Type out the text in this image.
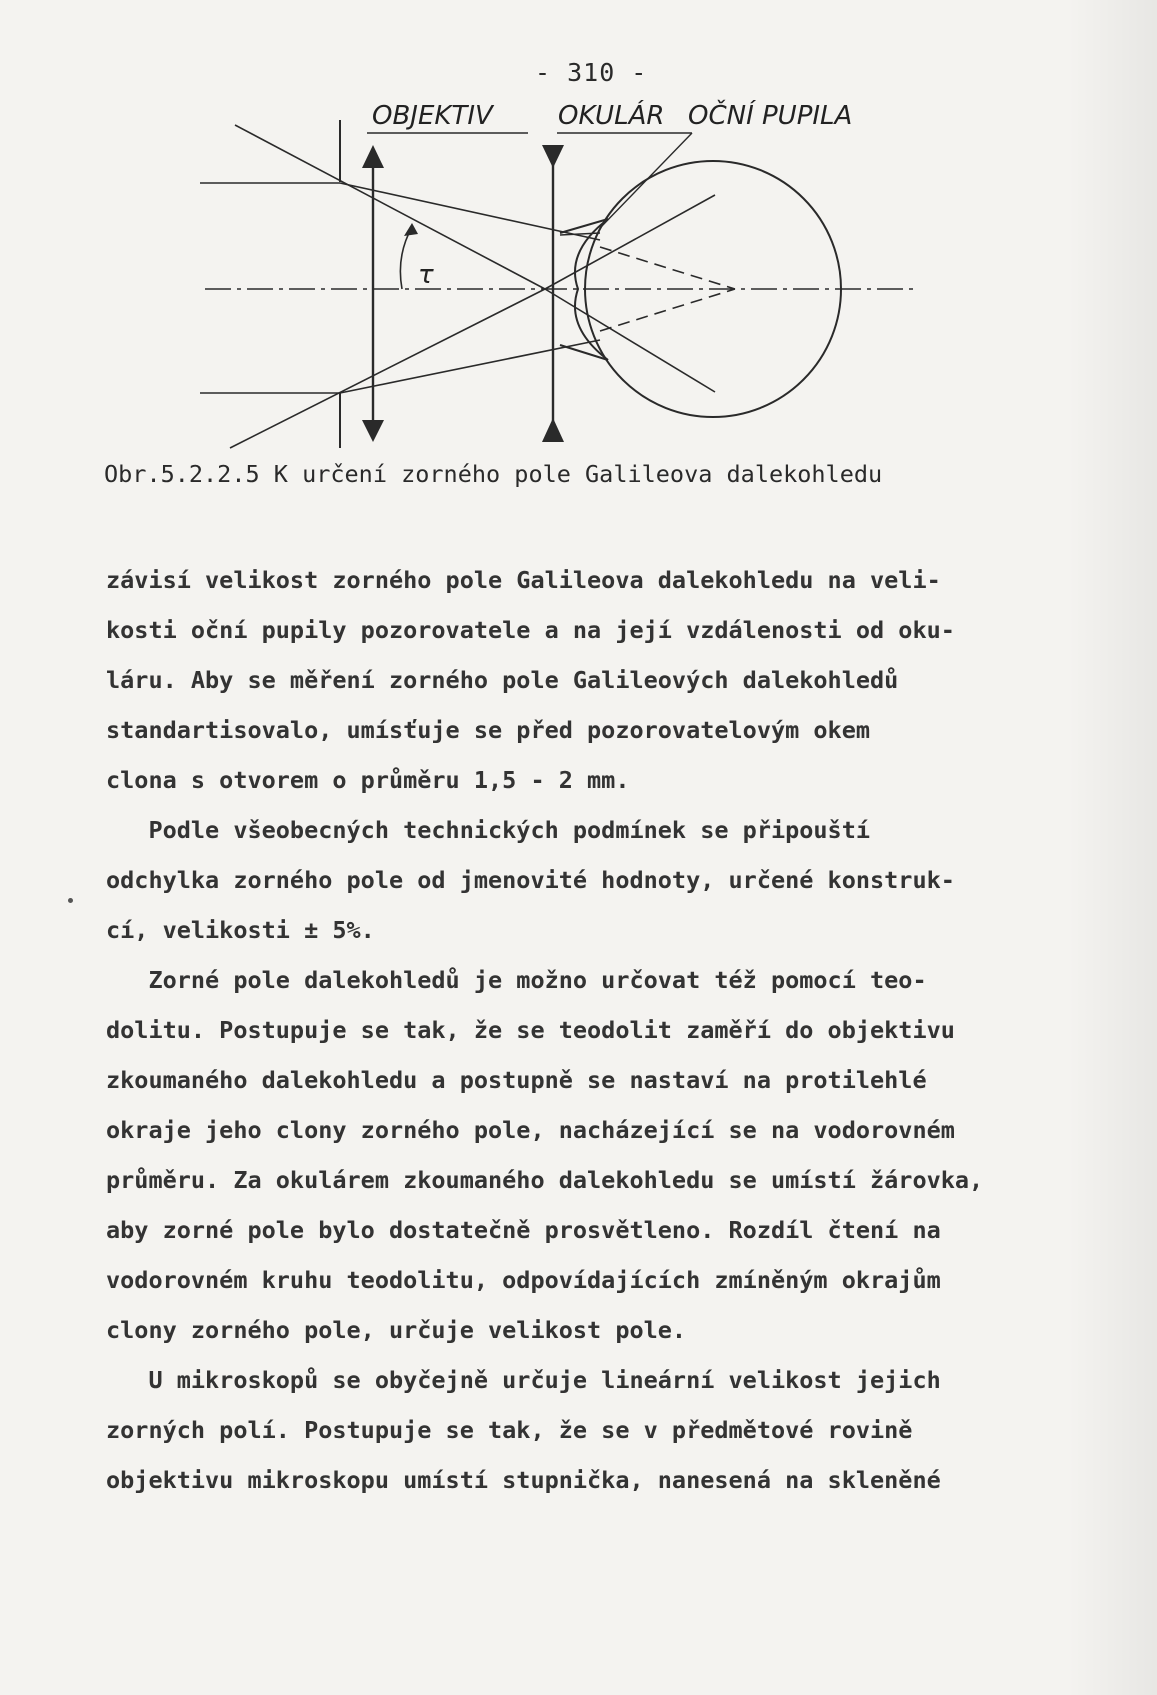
- 310 -
OBJEKTIV	OKULÁR OČNÍ PUPILA
τ
Obr.5.2.2.5 K určení zorného pole Galileova dalekohledu

závisí velikost zorného pole Galileova dalekohledu na veli-
kosti oční pupily pozorovatele a na její vzdálenosti od oku-
láru. Aby se měření zorného pole Galileových dalekohledů
standartisovalo, umísťuje se před pozorovatelovým okem
clona s otvorem o průměru 1,5 - 2 mm.

Podle všeobecných technických podmínek se připouští
odchylka zorného pole od jmenovité hodnoty, určené konstruk-
cí, velikosti ± 5%.

Zorné pole dalekohledů je možno určovat též pomocí teo-
dolitu. Postupuje se tak, že se teodolit zaměří do objektivu
zkoumaného dalekohledu a postupně se nastaví na protilehlé
okraje jeho clony zorného pole, nacházející se na vodorovném
průměru. Za okulárem zkoumaného dalekohledu se umístí žárovka,
aby zorné pole bylo dostatečně prosvětleno. Rozdíl čtení na
vodorovném kruhu teodolitu, odpovídajících zmíněným okrajům
clony zorného pole, určuje velikost pole.

U mikroskopů se obyčejně určuje lineární velikost jejich
zorných polí. Postupuje se tak, že se v předmětové rovině
objektivu mikroskopu umístí stupnička, nanesená na skleněné
